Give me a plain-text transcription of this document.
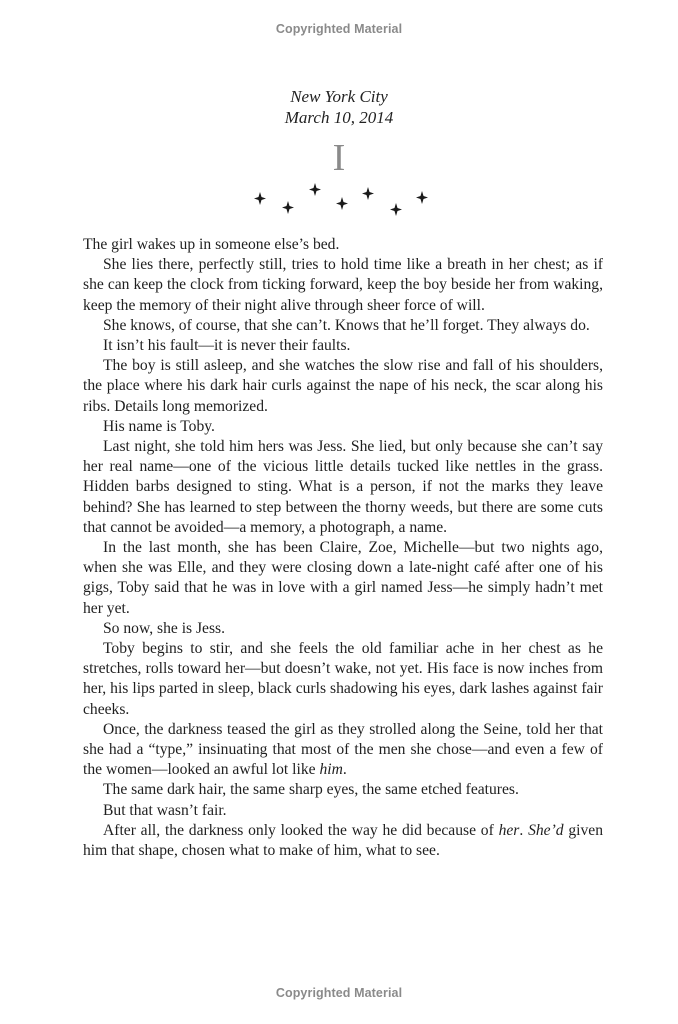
Copyrighted Material
New York City
March 10, 2014
I

The girl wakes up in someone else’s bed.

She lies there, perfectly still, tries to hold time like a breath in her chest; as if she can keep the clock from ticking forward, keep the boy beside her from waking, keep the memory of their night alive through sheer force of will.

She knows, of course, that she can’t. Knows that he’ll forget. They always do.

It isn’t his fault—it is never their faults.

The boy is still asleep, and she watches the slow rise and fall of his shoulders, the place where his dark hair curls against the nape of his neck, the scar along his ribs. Details long memorized.

His name is Toby.

Last night, she told him hers was Jess. She lied, but only because she can’t say her real name—one of the vicious little details tucked like nettles in the grass. Hidden barbs designed to sting. What is a person, if not the marks they leave behind? She has learned to step between the thorny weeds, but there are some cuts that cannot be avoided—a memory, a photograph, a name.

In the last month, she has been Claire, Zoe, Michelle—but two nights ago, when she was Elle, and they were closing down a late-night café after one of his gigs, Toby said that he was in love with a girl named Jess—he simply hadn’t met her yet.

So now, she is Jess.

Toby begins to stir, and she feels the old familiar ache in her chest as he stretches, rolls toward her—but doesn’t wake, not yet. His face is now inches from her, his lips parted in sleep, black curls shadowing his eyes, dark lashes against fair cheeks.

Once, the darkness teased the girl as they strolled along the Seine, told her that she had a “type,” insinuating that most of the men she chose—and even a few of the women—looked an awful lot like him.

The same dark hair, the same sharp eyes, the same etched features.

But that wasn’t fair.

After all, the darkness only looked the way he did because of her. She’d given him that shape, chosen what to make of him, what to see.

Copyrighted Material
